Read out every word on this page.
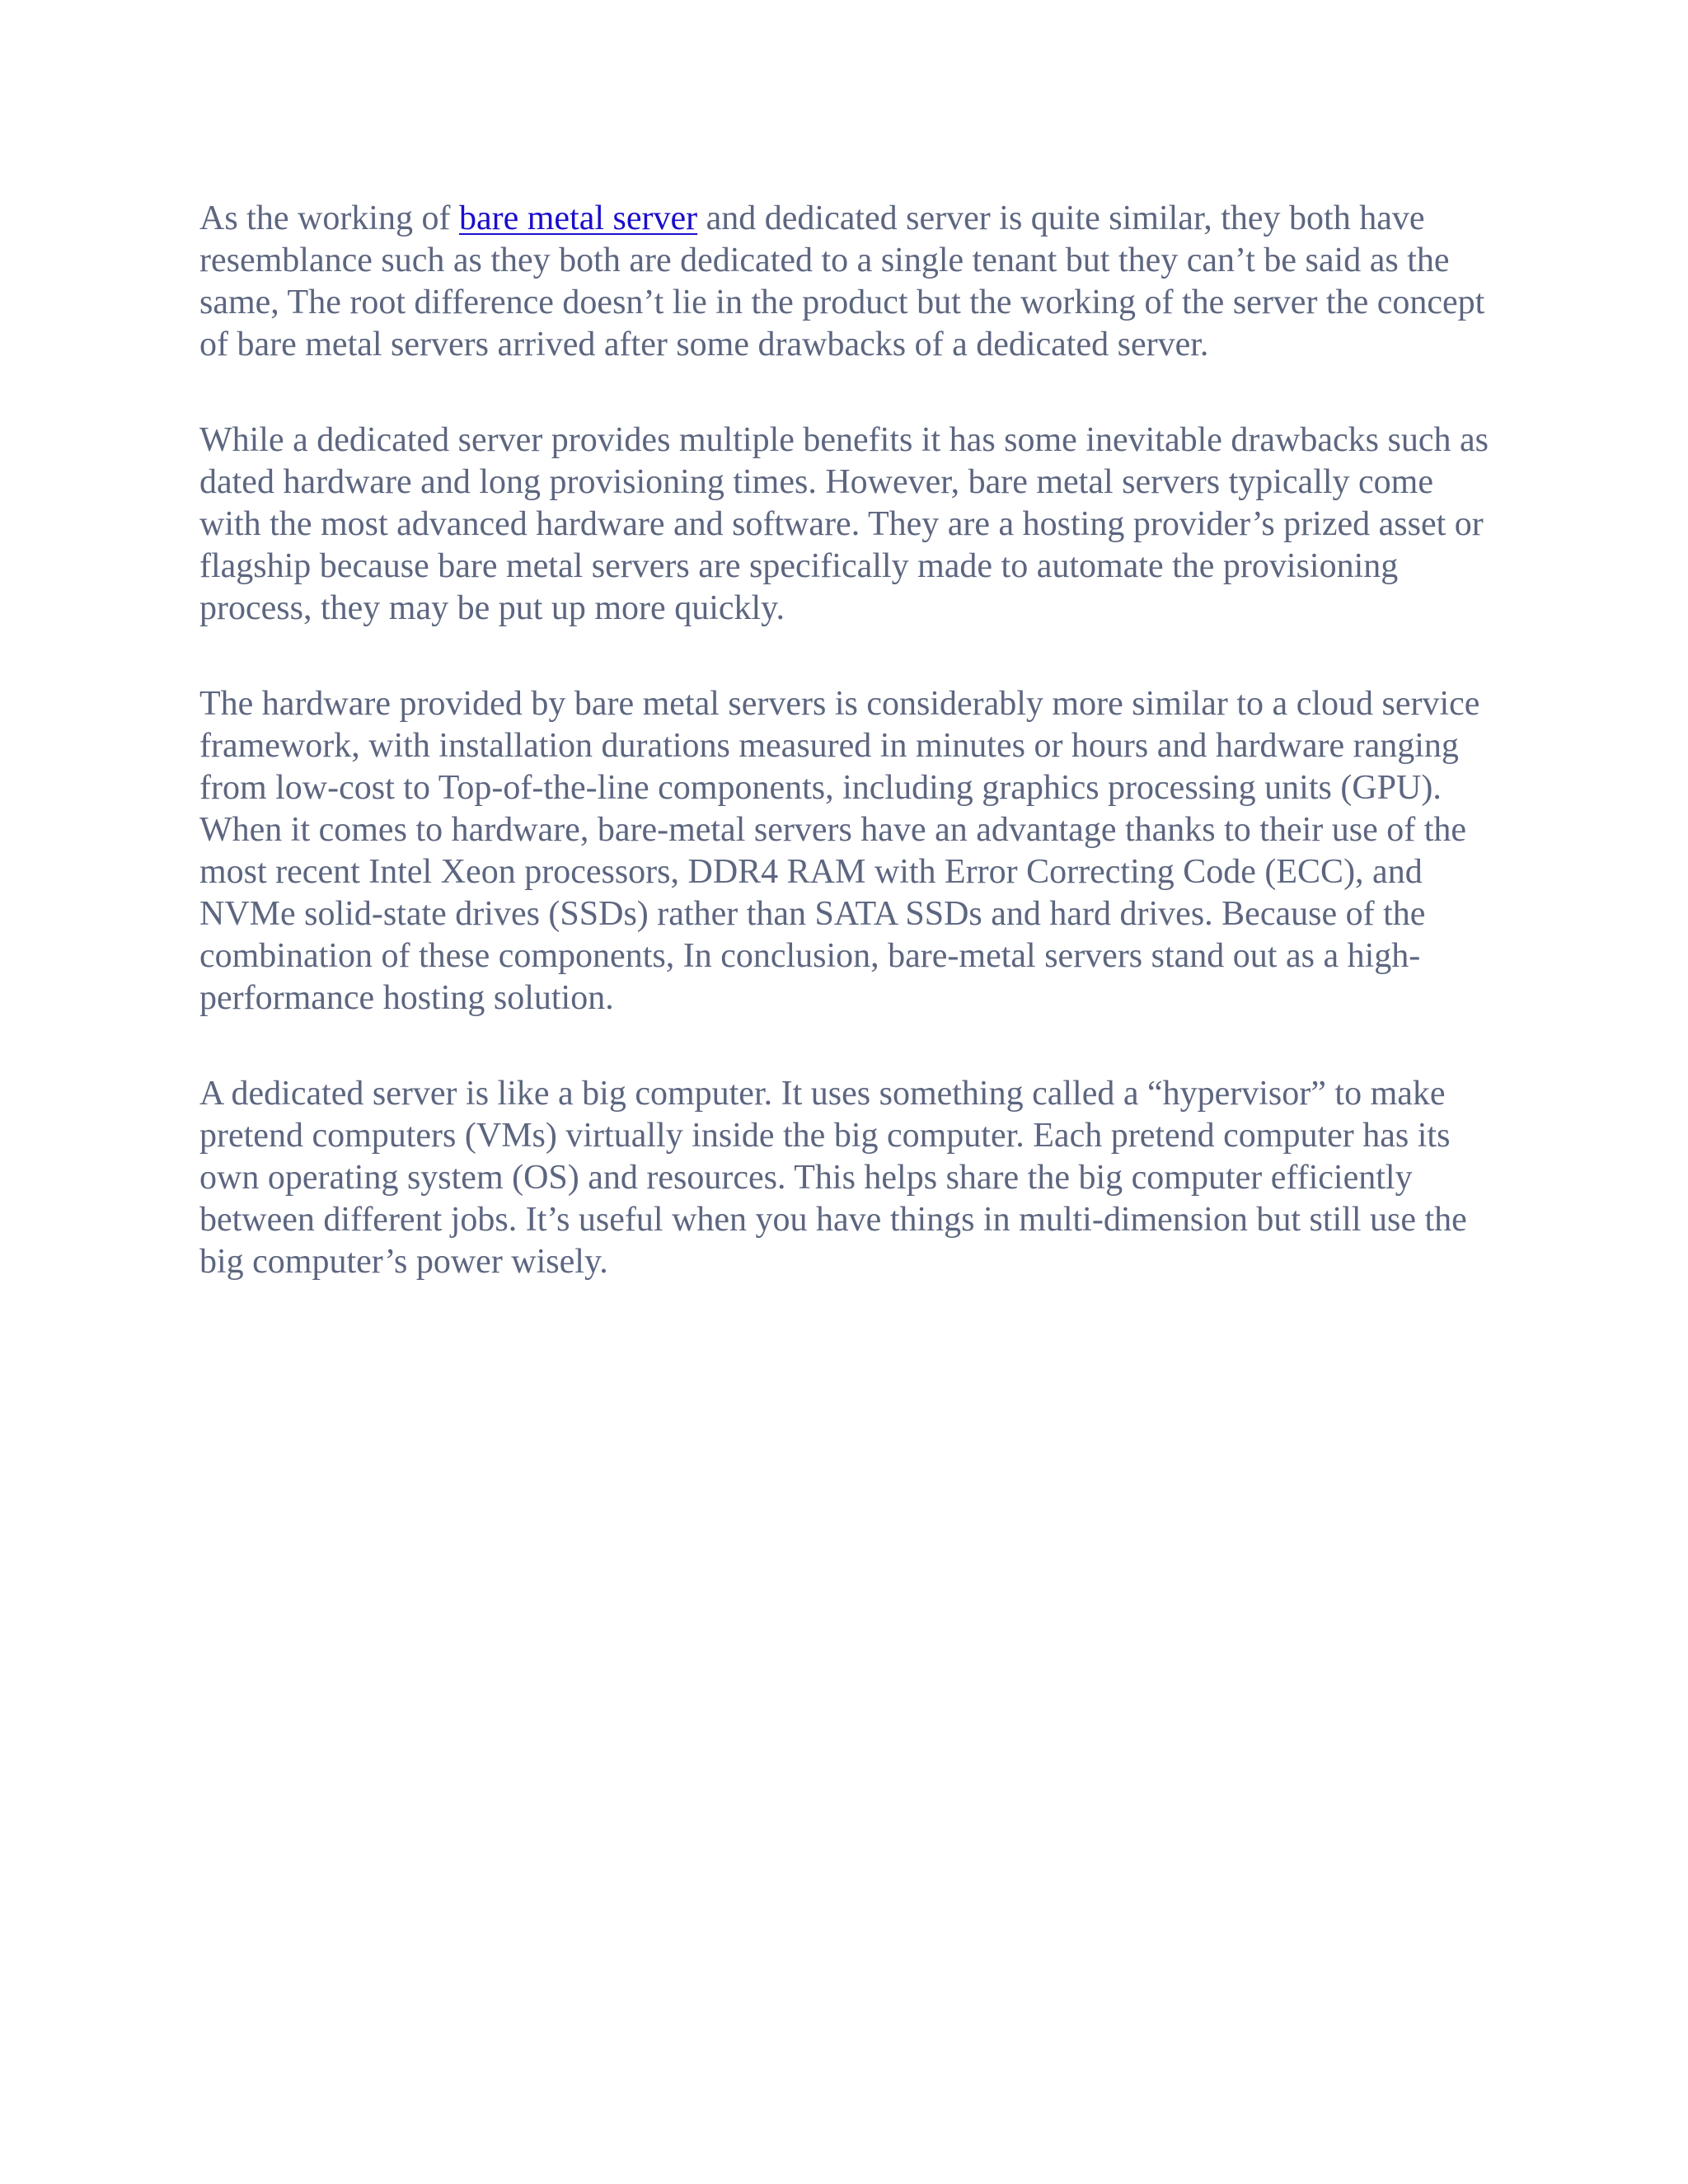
As the working of bare metal server and dedicated server is quite similar, they both have resemblance such as they both are dedicated to a single tenant but they can’t be said as the same, The root difference doesn’t lie in the product but the working of the server the concept of bare metal servers arrived after some drawbacks of a dedicated server.

While a dedicated server provides multiple benefits it has some inevitable drawbacks such as dated hardware and long provisioning times. However, bare metal servers typically come with the most advanced hardware and software. They are a hosting provider’s prized asset or flagship because bare metal servers are specifically made to automate the provisioning process, they may be put up more quickly.

The hardware provided by bare metal servers is considerably more similar to a cloud service framework, with installation durations measured in minutes or hours and hardware ranging from low-cost to Top-of-the-line components, including graphics processing units (GPU). When it comes to hardware, bare-metal servers have an advantage thanks to their use of the most recent Intel Xeon processors, DDR4 RAM with Error Correcting Code (ECC), and NVMe solid-state drives (SSDs) rather than SATA SSDs and hard drives. Because of the combination of these components, In conclusion, bare-metal servers stand out as a high-performance hosting solution.

A dedicated server is like a big computer. It uses something called a “hypervisor” to make pretend computers (VMs) virtually inside the big computer. Each pretend computer has its own operating system (OS) and resources. This helps share the big computer efficiently between different jobs. It’s useful when you have things in multi-dimension but still use the big computer’s power wisely.
